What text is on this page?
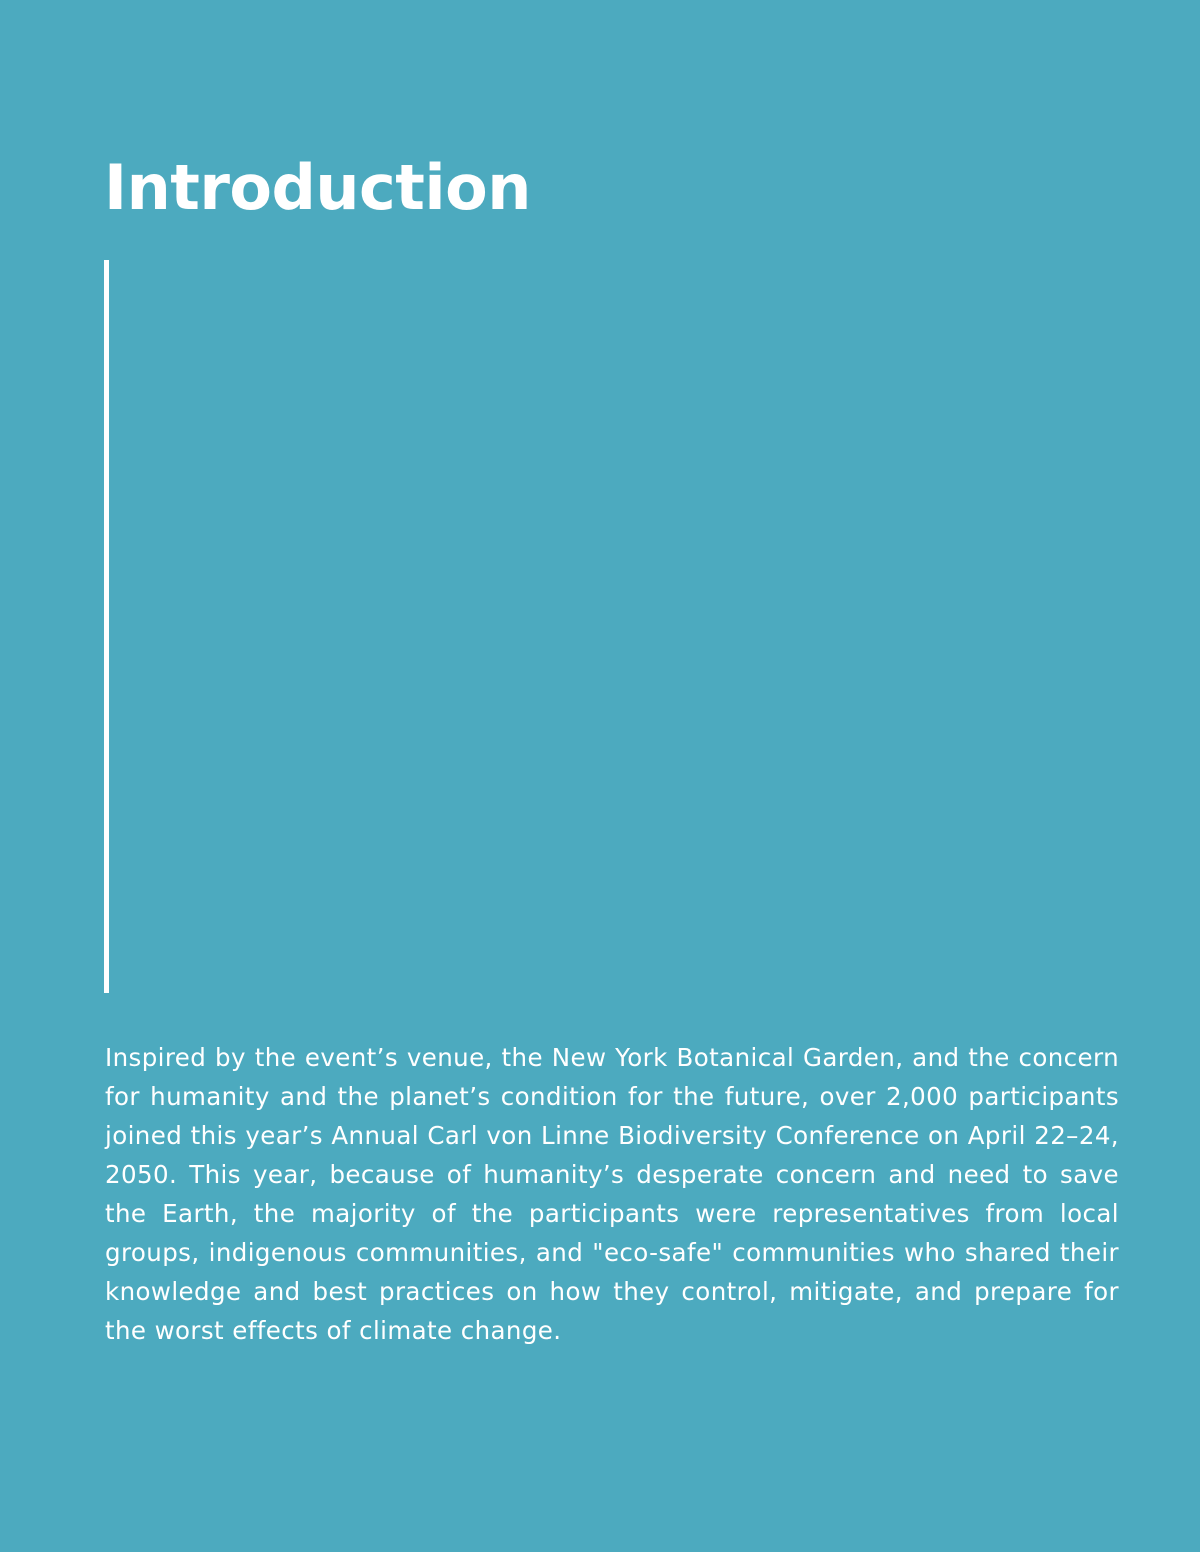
Introduction

Inspired by the event’s venue, the New York Botanical Garden, and the concern for humanity and the planet’s condition for the future, over 2,000 participants joined this year’s Annual Carl von Linne Biodiversity Conference on April 22–24, 2050. This year, because of humanity’s desperate concern and need to save the Earth, the majority of the participants were representatives from local groups, indigenous communities, and "eco-safe" communities who shared their knowledge and best practices on how they control, mitigate, and prepare for the worst effects of climate change.
